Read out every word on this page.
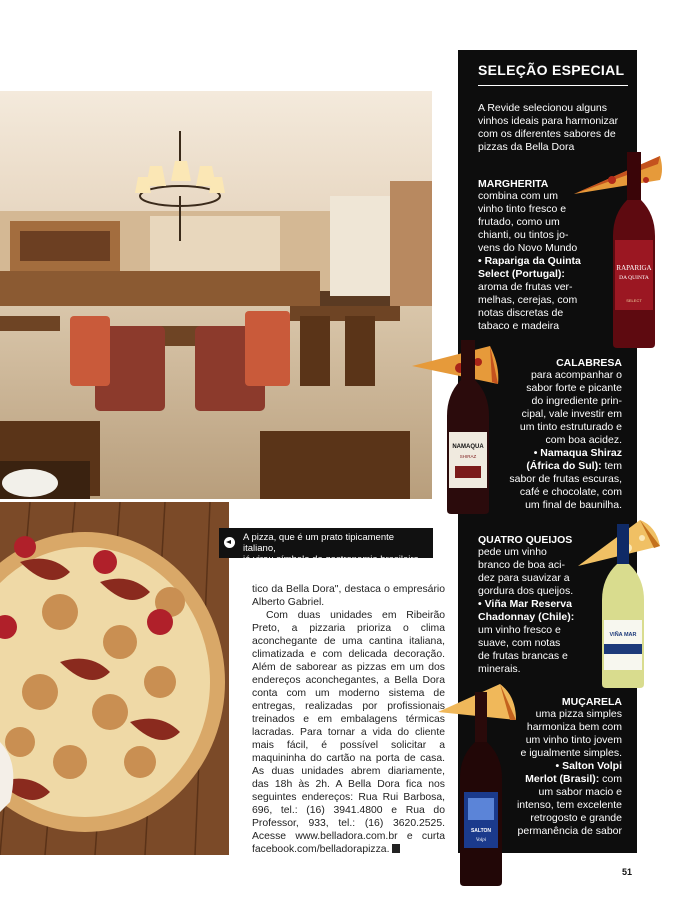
A pizza, que é um prato tipicamente italiano,
já virou símbolo da gastronomia brasileira

tico da Bella Dora", destaca o empresário Alberto Gabriel.

Com duas unidades em Ribeirão Preto, a pizzaria prioriza o clima aconchegante de uma cantina italiana, climatizada e com delicada decoração. Além de saborear as pizzas em um dos endereços aconchegantes, a Bella Dora conta com um moderno sistema de entregas, realizadas por profissionais treinados e em embalagens térmicas lacradas. Para tornar a vida do cliente mais fácil, é possível solicitar a maquininha do cartão na porta de casa. As duas unidades abrem diariamente, das 18h às 2h. A Bella Dora fica nos seguintes endereços: Rua Rui Barbosa, 696, tel.: (16) 3941.4800 e Rua do Professor, 933, tel.: (16) 3620.2525. Acesse www.belladora.com.br e curta facebook.com/belladorapizza.

SELEÇÃO ESPECIAL
A Revide selecionou alguns vinhos ideais para harmonizar com os diferentes sabores de pizzas da Bella Dora
MARGHERITA
combina com um
vinho tinto fresco e
frutado, como um
chianti, ou tintos jo-
vens do Novo Mundo
• Rapariga da Quinta
Select (Portugal):
aroma de frutas ver-
melhas, cerejas, com
notas discretas de
tabaco e madeira
RAPARIGA
DA QUINTA
SELECT
CALABRESA
para acompanhar o
sabor forte e picante
do ingrediente prin-
cipal, vale investir em
um tinto estruturado e
com boa acidez.
• Namaqua Shiraz
(África do Sul): tem
sabor de frutas escuras,
café e chocolate, com
um final de baunilha.
NAMAQUA
SHIRAZ
QUATRO QUEIJOS
pede um vinho
branco de boa aci-
dez para suavizar a
gordura dos queijos.
• Viña Mar Reserva
Chadonnay (Chile):
um vinho fresco e
suave, com notas
de frutas brancas e
minerais.
VIÑA MAR
MUÇARELA
uma pizza simples
harmoniza bem com
um vinho tinto jovem
e igualmente simples.
• Salton Volpi
Merlot (Brasil): com
um sabor macio e
intenso, tem excelente
retrogosto e grande
permanência de sabor
SALTON
Volpi
51
